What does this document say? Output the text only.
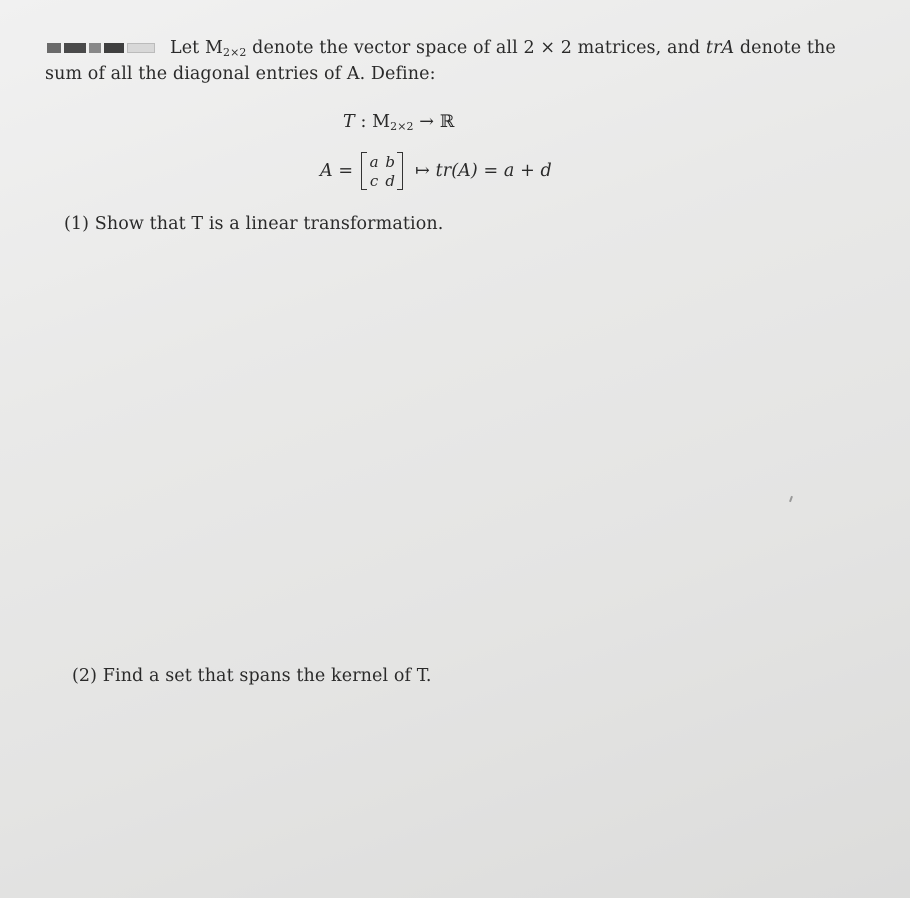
Let $M_{2\times 2}$ denote the vector space of all 2 × 2 matrices, and trA denote the
sum of all the diagonal entries of A. Define:
T : $M_{2\times 2}$ → ℝ
A = a b
c d ↦ tr(A) = a + d
(1) Show that T is a linear transformation.
(2) Find a set that spans the kernel of T.
